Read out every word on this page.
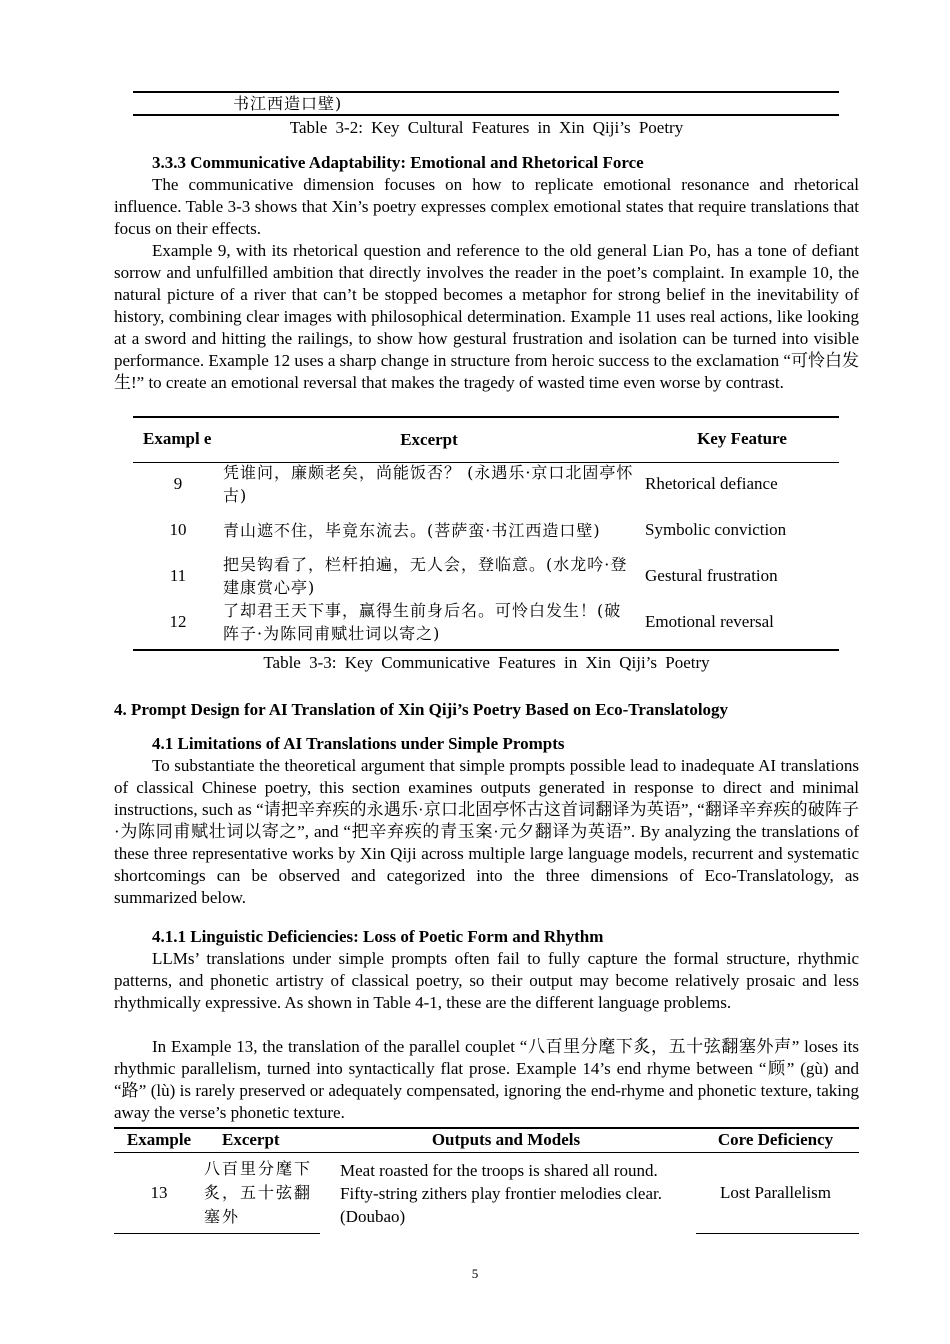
书江西造口壁)
Table 3-2: Key Cultural Features in Xin Qiji’s Poetry
3.3.3 Communicative Adaptability: Emotional and Rhetorical Force

The communicative dimension focuses on how to replicate emotional resonance and rhetorical influence. Table 3-3 shows that Xin’s poetry expresses complex emotional states that require translations that focus on their effects.

Example 9, with its rhetorical question and reference to the old general Lian Po, has a tone of defiant sorrow and unfulfilled ambition that directly involves the reader in the poet’s complaint. In example 10, the natural picture of a river that can’t be stopped becomes a metaphor for strong belief in the inevitability of history, combining clear images with philosophical determination. Example 11 uses real actions, like looking at a sword and hitting the railings, to show how gestural frustration and isolation can be turned into visible performance. Example 12 uses a sharp change in structure from heroic success to the exclamation “可怜白发生!” to create an emotional reversal that makes the tragedy of wasted time even worse by contrast.

Exampl e	Excerpt	Key Feature
9	凭谁问，廉颇老矣，尚能饭否？ (永遇乐·京口北固亭怀古)	Rhetorical defiance
10	青山遮不住，毕竟东流去。(菩萨蛮·书江西造口壁)	Symbolic conviction
11	把吴钩看了，栏杆拍遍，无人会，登临意。(水龙吟·登建康赏心亭)	Gestural frustration
12	了却君王天下事，赢得生前身后名。可怜白发生！(破阵子·为陈同甫赋壮词以寄之)	Emotional reversal
Table 3-3: Key Communicative Features in Xin Qiji’s Poetry
4. Prompt Design for AI Translation of Xin Qiji’s Poetry Based on Eco-Translatology
4.1 Limitations of AI Translations under Simple Prompts

To substantiate the theoretical argument that simple prompts possible lead to inadequate AI translations of classical Chinese poetry, this section examines outputs generated in response to direct and minimal instructions, such as “请把辛弃疾的永遇乐·京口北固亭怀古这首词翻译为英语”, “翻译辛弃疾的破阵子·为陈同甫赋壮词以寄之”, and “把辛弃疾的青玉案·元夕翻译为英语”. By analyzing the translations of these three representative works by Xin Qiji across multiple large language models, recurrent and systematic shortcomings can be observed and categorized into the three dimensions of Eco-Translatology, as summarized below.

4.1.1 Linguistic Deficiencies: Loss of Poetic Form and Rhythm

LLMs’ translations under simple prompts often fail to fully capture the formal structure, rhythmic patterns, and phonetic artistry of classical poetry, so their output may become relatively prosaic and less rhythmically expressive. As shown in Table 4-1, these are the different language problems.

In Example 13, the translation of the parallel couplet “八百里分麾下炙，五十弦翻塞外声” loses its rhythmic parallelism, turned into syntactically flat prose. Example 14’s end rhyme between “顾” (gù) and “路” (lù) is rarely preserved or adequately compensated, ignoring the end-rhyme and phonetic texture, taking away the verse’s phonetic texture.

Example	Excerpt	Outputs and Models	Core Deficiency
13	八百里分麾下炙，五十弦翻塞外	Meat roasted for the troops is shared all round. Fifty-string zithers play frontier melodies clear. (Doubao)	Lost Parallelism
5
